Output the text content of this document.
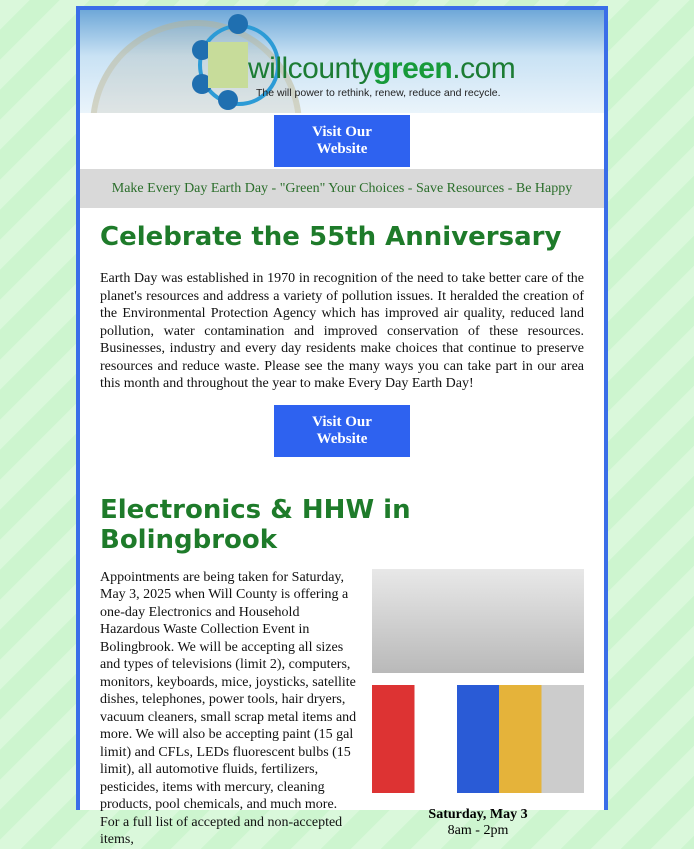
willcountygreen.com
The will power to rethink, renew, reduce and recycle.
Visit Our Website
Make Every Day Earth Day - "Green" Your Choices - Save Resources - Be Happy
Celebrate the 55th Anniversary

Earth Day was established in 1970 in recognition of the need to take better care of the planet's resources and address a variety of pollution issues. It heralded the creation of the Environmental Protection Agency which has improved air quality, reduced land pollution, water contamination and improved conservation of these resources. Businesses, industry and every day residents make choices that continue to preserve resources and reduce waste. Please see the many ways you can take part in our area this month and throughout the year to make Every Day Earth Day!

Visit Our Website
Electronics & HHW in Bolingbrook

Appointments are being taken for Saturday, May 3, 2025 when Will County is offering a one-day Electronics and Household Hazardous Waste Collection Event in Bolingbrook. We will be accepting all sizes and types of televisions (limit 2), computers, monitors, keyboards, mice, joysticks, satellite dishes, telephones, power tools, hair dryers, vacuum cleaners, small scrap metal items and more. We will also be accepting paint (15 gal limit) and CFLs, LEDs fluorescent bulbs (15 limit), all automotive fluids, fertilizers, pesticides, items with mercury, cleaning products, pool chemicals, and much more. For a full list of accepted and non-accepted items,

Saturday, May 3
8am - 2pm
